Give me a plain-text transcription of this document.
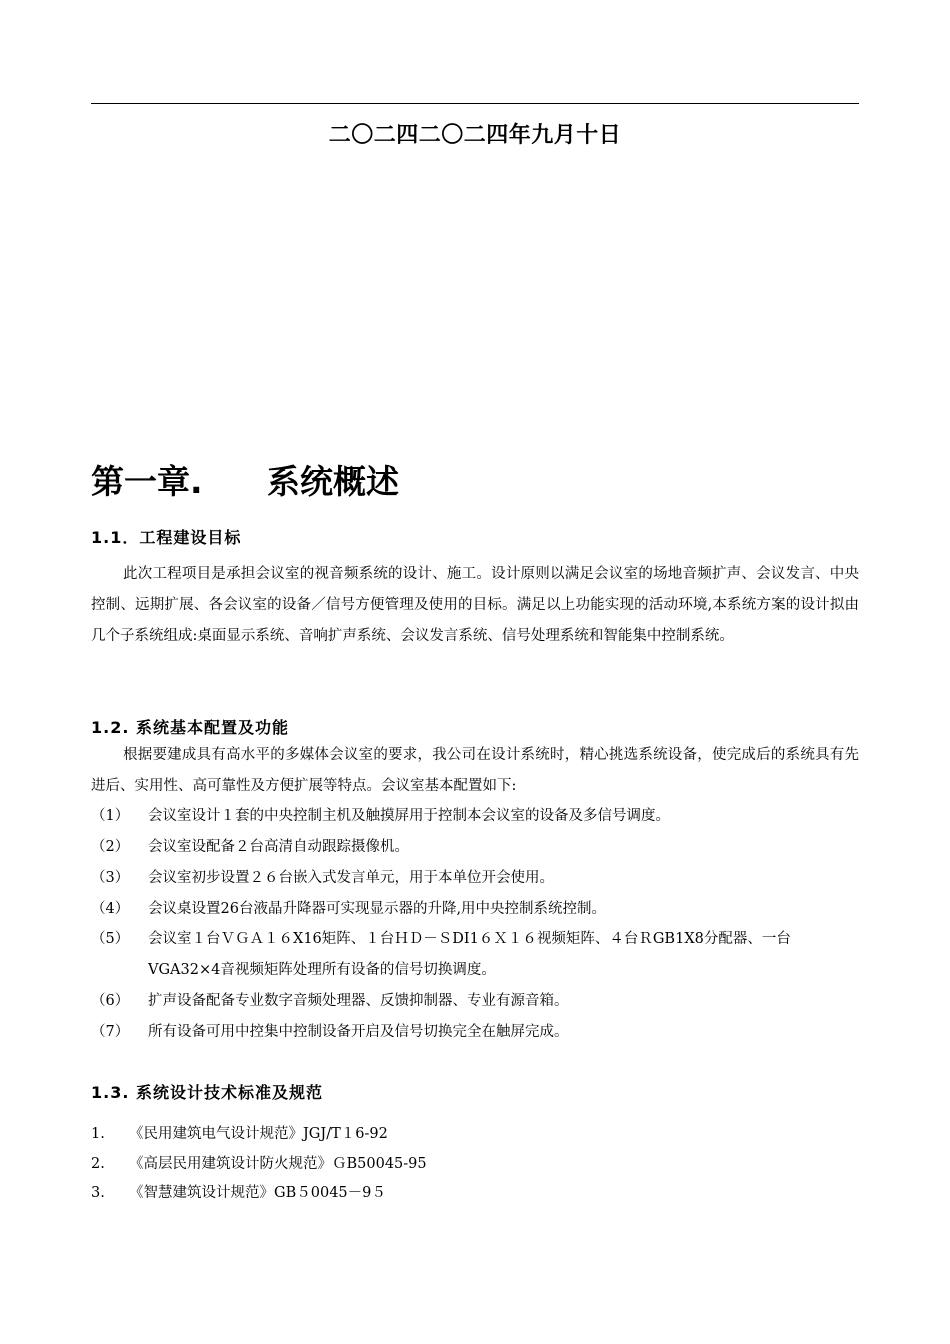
二〇二四二〇二四年九月十日
第一章. 系统概述
1.1．工程建设目标
此次工程项目是承担会议室的视音频系统的设计、施工。设计原则以满足会议室的场地音频扩声、会议发言、中央控制、远期扩展、各会议室的设备／信号方便管理及使用的目标。满足以上功能实现的活动环境,本系统方案的设计拟由几个子系统组成:桌面显示系统、音响扩声系统、会议发言系统、信号处理系统和智能集中控制系统。
1.2. 系统基本配置及功能
根据要建成具有高水平的多媒体会议室的要求，我公司在设计系统时，精心挑选系统设备，使完成后的系统具有先进后、实用性、高可靠性及方便扩展等特点。会议室基本配置如下:
（1）	会议室设计１套的中央控制主机及触摸屏用于控制本会议室的设备及多信号调度。
（2）	会议室设配备２台高清自动跟踪摄像机。
（3）	会议室初步设置２６台嵌入式发言单元，用于本单位开会使用。
（4）	会议桌设置26台液晶升降器可实现显示器的升降,用中央控制系统控制。
（5）	会议室１台ＶＧＡ１６X16矩阵、１台ＨＤ－ＳDI1６Ｘ１６视频矩阵、４台ＲGB1X8分配器、一台VGA32×4音视频矩阵处理所有设备的信号切换调度。
（6）	扩声设备配备专业数字音频处理器、反馈抑制器、专业有源音箱。
（7）	所有设备可用中控集中控制设备开启及信号切换完全在触屏完成。
1.3. 系统设计技术标准及规范
1. 《民用建筑电气设计规范》JGJ/T１6-92
2. 《高层民用建筑设计防火规范》ＧB50045-95
3. 《智慧建筑设计规范》GB５0045－9５
